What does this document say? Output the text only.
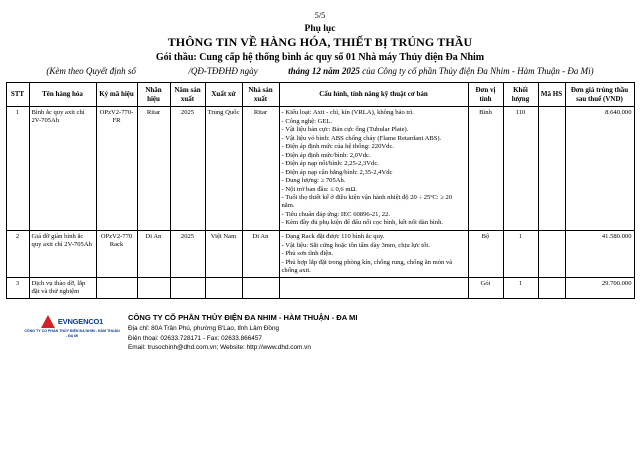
5/5
Phụ lục
THÔNG TIN VỀ HÀNG HÓA, THIẾT BỊ TRÚNG THẦU
Gói thầu: Cung cấp hệ thống bình ác quy số 01 Nhà máy Thủy điện Đa Nhim
(Kèm theo Quyết định số	/QĐ-TĐĐHĐ ngày	tháng 12 năm 2025 của Công ty cổ phần Thủy điện Đa Nhim - Hàm Thuận - Đa Mi)
STT	Tên hàng hóa	Ký mã hiệu	Nhãn hiệu	Năm sản xuất	Xuất xứ	Nhà sản xuất	Cấu hình, tính năng kỹ thuật cơ bản	Đơn vị tính	Khối lượng	Mã HS	Đơn giá trúng thầu sau thuế (VND)
1	Bình ắc quy axit chì 2V-705Ah	OPzV2-770-FR	Ritar	2025	Trung Quốc	Ritar	- Kiểu loại: Axit - chì, kín (VRLA), không bảo trì.

- Công nghệ: GEL.

- Vật liệu bản cực: Bản cực ống (Tubular Plate).

- Vật liệu vỏ bình: ABS chống cháy (Flame Retardant ABS).

- Điện áp định mức của hệ thống: 220Vdc.

- Điện áp định mức/bình: 2,0Vdc.

- Điện áp nạp nổi/bình: 2,25-2,3Vdc.

- Điện áp nạp cân bằng/bình: 2,35-2,4Vdc

- Dung lượng: ≥ 705Ah.

- Nội trở ban đầu: ≤ 0,6 mΩ.

- Tuổi thọ thiết kế ở điều kiện vận hành nhiệt độ 20 ÷ 25ºC: ≥ 20 năm.

- Tiêu chuẩn đáp ứng: IEC 60896-21, 22.

- Kèm đầy đủ phụ kiện để đấu nối cọc bình, kết nối dàn bình.

	Bình	110		8.640.000
2	Giá đỡ giàn bình ắc quy axit chì 2V-705Ah	OPzV2-770 Rack	Di An	2025	Việt Nam	Di An	- Dạng Rack đặt được 110 bình ắc quy.

- Vật liệu: Sắt cứng hoặc tôn tấm dày 3mm, chịu lực tốt.

- Phủ sơn tĩnh điện.

- Phủ hợp lắp đặt trong phòng kín, chống rung, chống ăn mòn và chống axit.	Bộ	1		41.580.000
3	Dịch vụ thào dỡ, lắp đặt và thử nghiệm							Gói	1		29.700.000
EVNGENCO1
CÔNG TY CỔ PHẦN THỦY ĐIỆN ĐA NHIM - HÀM THUẬN - ĐA MI
CÔNG TY CỔ PHẦN THỦY ĐIỆN ĐA NHIM - HÀM THUẬN - ĐA MI
Địa chỉ: 80A Trần Phú, phường B'Lao, tỉnh Lâm Đồng
Điện thoại: 02633.728171 - Fax: 02633.866457
Email: trusochinh@dhd.com.vn; Website: http://www.dhd.com.vn
